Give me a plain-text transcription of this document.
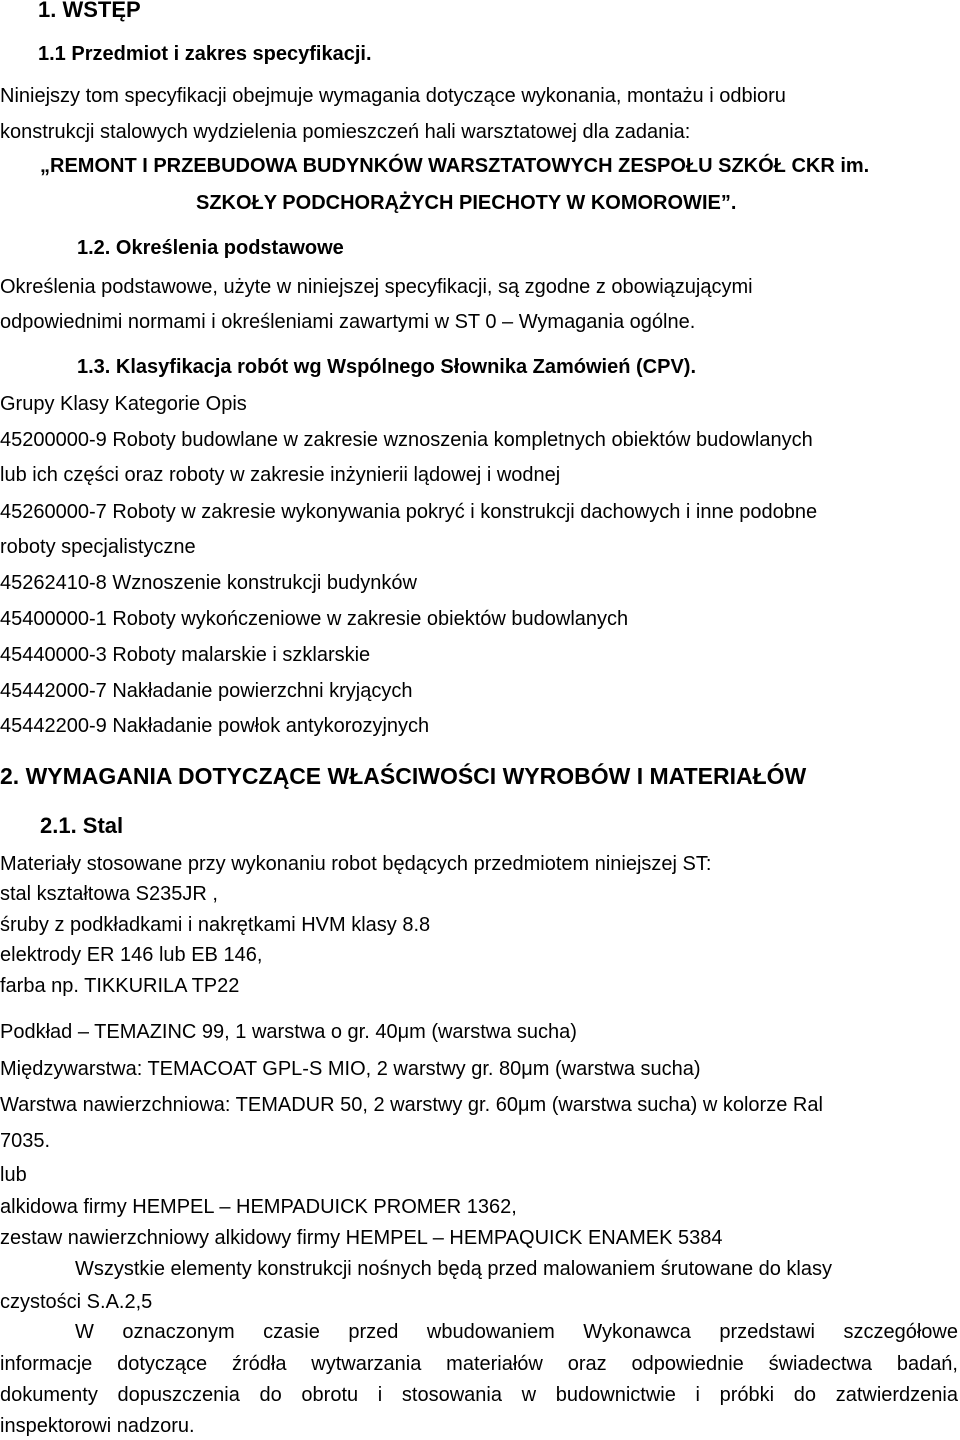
1. WSTĘP
1.1 Przedmiot i zakres specyfikacji.
Niniejszy tom specyfikacji obejmuje wymagania dotyczące wykonania, montażu i odbioru
konstrukcji stalowych wydzielenia pomieszczeń hali warsztatowej dla zadania:
„REMONT I PRZEBUDOWA BUDYNKÓW WARSZTATOWYCH ZESPOŁU SZKÓŁ CKR im.
SZKOŁY PODCHORĄŻYCH PIECHOTY W KOMOROWIE”.
1.2. Określenia podstawowe
Określenia podstawowe, użyte w niniejszej specyfikacji, są zgodne z obowiązującymi
odpowiednimi normami i określeniami zawartymi w ST 0 – Wymagania ogólne.
1.3. Klasyfikacja robót wg Wspólnego Słownika Zamówień (CPV).
Grupy Klasy Kategorie Opis
45200000-9 Roboty budowlane w zakresie wznoszenia kompletnych obiektów budowlanych
lub ich części oraz roboty w zakresie inżynierii lądowej i wodnej
45260000-7 Roboty w zakresie wykonywania pokryć i konstrukcji dachowych i inne podobne
roboty specjalistyczne
45262410-8 Wznoszenie konstrukcji budynków
45400000-1 Roboty wykończeniowe w zakresie obiektów budowlanych
45440000-3 Roboty malarskie i szklarskie
45442000-7 Nakładanie powierzchni kryjących
45442200-9 Nakładanie powłok antykorozyjnych
2. WYMAGANIA DOTYCZĄCE WŁAŚCIWOŚCI WYROBÓW I MATERIAŁÓW
2.1. Stal
Materiały stosowane przy wykonaniu robot będących przedmiotem niniejszej ST:
stal kształtowa S235JR ,
śruby z podkładkami i nakrętkami HVM klasy 8.8
elektrody ER 146 lub EB 146,
farba np. TIKKURILA TP22
Podkład – TEMAZINC 99, 1 warstwa o gr. 40μm (warstwa sucha)
Międzywarstwa: TEMACOAT GPL-S MIO, 2 warstwy gr. 80μm (warstwa sucha)
Warstwa nawierzchniowa: TEMADUR 50, 2 warstwy gr. 60μm (warstwa sucha) w kolorze Ral
7035.
lub
alkidowa firmy HEMPEL – HEMPADUICK PROMER 1362,
zestaw nawierzchniowy alkidowy firmy HEMPEL – HEMPAQUICK ENAMEK 5384
Wszystkie elementy konstrukcji nośnych będą przed malowaniem śrutowane do klasy
czystości S.A.2,5
W oznaczonym czasie przed wbudowaniem Wykonawca przedstawi szczegółowe
informacje dotyczące źródła wytwarzania materiałów oraz odpowiednie świadectwa badań,
dokumenty dopuszczenia do obrotu i stosowania w budownictwie i próbki do zatwierdzenia
inspektorowi nadzoru.
